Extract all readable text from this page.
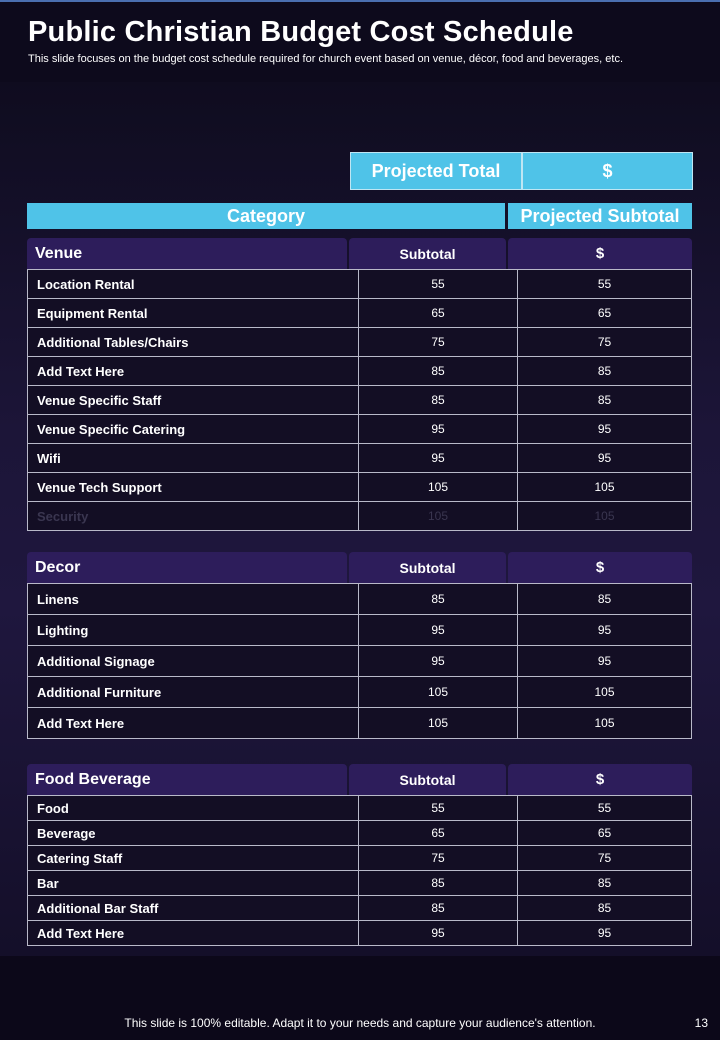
Public Christian Budget Cost Schedule

This slide focuses on the budget cost schedule required for church event based on venue, décor, food and beverages, etc.

Projected Total	$
Category	Projected Subtotal
Venue	Subtotal	$
Location Rental	55	55
Equipment Rental	65	65
Additional Tables/Chairs	75	75
Add Text Here	85	85
Venue Specific Staff	85	85
Venue Specific Catering	95	95
Wifi	95	95
Venue Tech Support	105	105
Security	105	105
Decor	Subtotal	$
Linens	85	85
Lighting	95	95
Additional Signage	95	95
Additional Furniture	105	105
Add Text Here	105	105
Food Beverage	Subtotal	$
Food	55	55
Beverage	65	65
Catering Staff	75	75
Bar	85	85
Additional Bar Staff	85	85
Add Text Here	95	95
This slide is 100% editable. Adapt it to your needs and capture your audience's attention.	13
